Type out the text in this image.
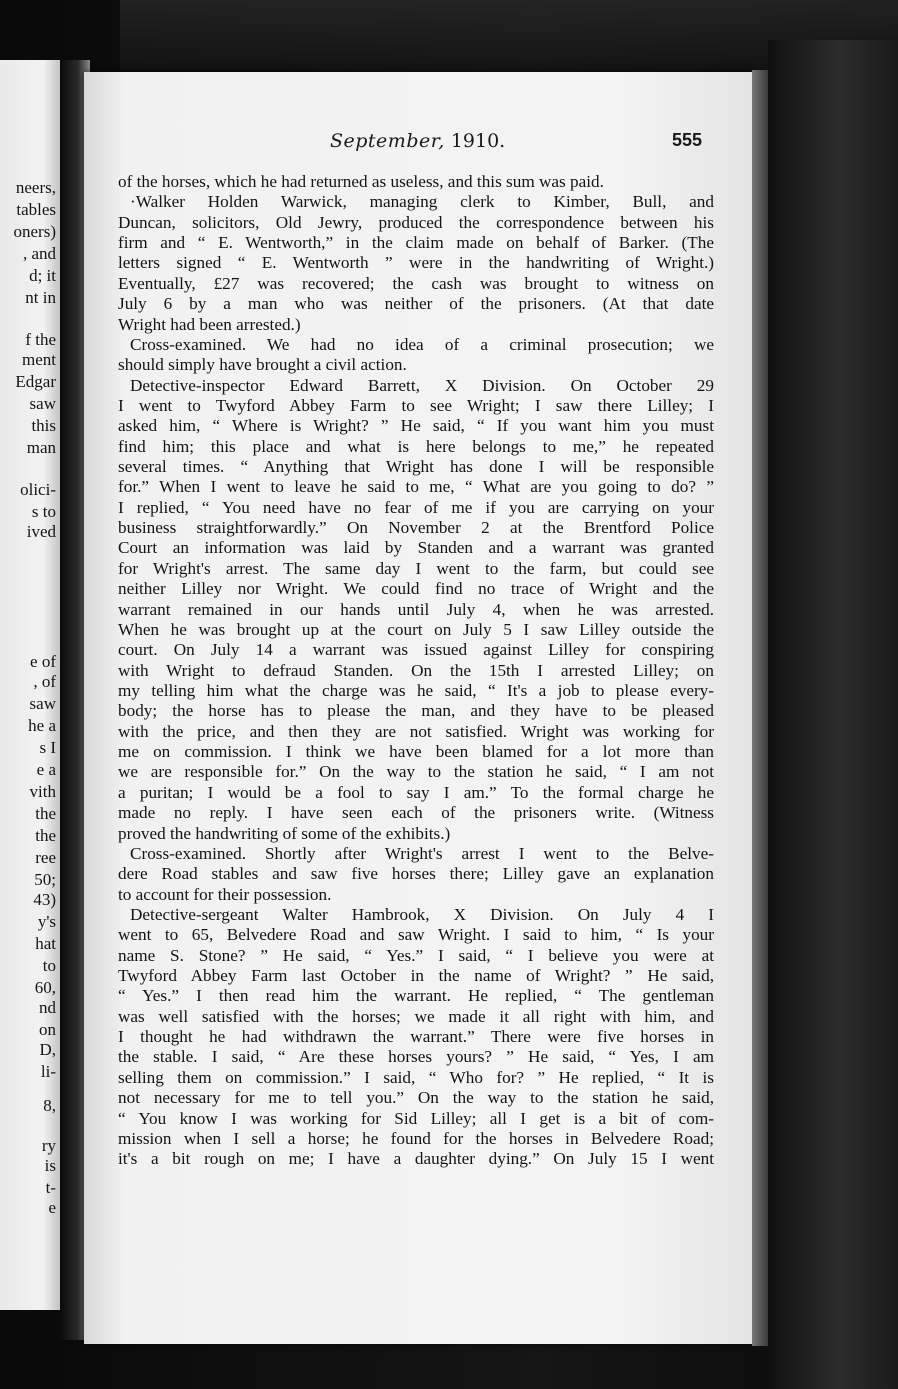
neers,
tables
oners)
, and
d; it
nt in
f the
ment
Edgar
saw
this
man
olici-
s to
ived
e of
, of
saw
he a
s I
e a
vith
the
the
ree
50;
43)
y's
hat
to
60,
nd
on
D,
li-
8,
ry
is
t-
e
September, 1910.	555
of the horses, which he had returned as useless, and this sum was paid.
·Walker Holden Warwick, managing clerk to Kimber, Bull, and
Duncan, solicitors, Old Jewry, produced the correspondence between his
firm and “ E. Wentworth,” in the claim made on behalf of Barker. (The
letters signed “ E. Wentworth ” were in the handwriting of Wright.)
Eventually, £27 was recovered; the cash was brought to witness on
July 6 by a man who was neither of the prisoners. (At that date
Wright had been arrested.)
Cross-examined. We had no idea of a criminal prosecution; we
should simply have brought a civil action.
Detective-inspector Edward Barrett, X Division. On October 29
I went to Twyford Abbey Farm to see Wright; I saw there Lilley; I
asked him, “ Where is Wright? ” He said, “ If you want him you must
find him; this place and what is here belongs to me,” he repeated
several times. “ Anything that Wright has done I will be responsible
for.” When I went to leave he said to me, “ What are you going to do? ”
I replied, “ You need have no fear of me if you are carrying on your
business straightforwardly.” On November 2 at the Brentford Police
Court an information was laid by Standen and a warrant was granted
for Wright's arrest. The same day I went to the farm, but could see
neither Lilley nor Wright. We could find no trace of Wright and the
warrant remained in our hands until July 4, when he was arrested.
When he was brought up at the court on July 5 I saw Lilley outside the
court. On July 14 a warrant was issued against Lilley for conspiring
with Wright to defraud Standen. On the 15th I arrested Lilley; on
my telling him what the charge was he said, “ It's a job to please every-
body; the horse has to please the man, and they have to be pleased
with the price, and then they are not satisfied. Wright was working for
me on commission. I think we have been blamed for a lot more than
we are responsible for.” On the way to the station he said, “ I am not
a puritan; I would be a fool to say I am.” To the formal charge he
made no reply. I have seen each of the prisoners write. (Witness
proved the handwriting of some of the exhibits.)
Cross-examined. Shortly after Wright's arrest I went to the Belve-
dere Road stables and saw five horses there; Lilley gave an explanation
to account for their possession.
Detective-sergeant Walter Hambrook, X Division. On July 4 I
went to 65, Belvedere Road and saw Wright. I said to him, “ Is your
name S. Stone? ” He said, “ Yes.” I said, “ I believe you were at
Twyford Abbey Farm last October in the name of Wright? ” He said,
“ Yes.” I then read him the warrant. He replied, “ The gentleman
was well satisfied with the horses; we made it all right with him, and
I thought he had withdrawn the warrant.” There were five horses in
the stable. I said, “ Are these horses yours? ” He said, “ Yes, I am
selling them on commission.” I said, “ Who for? ” He replied, “ It is
not necessary for me to tell you.” On the way to the station he said,
“ You know I was working for Sid Lilley; all I get is a bit of com-
mission when I sell a horse; he found for the horses in Belvedere Road;
it's a bit rough on me; I have a daughter dying.” On July 15 I went
